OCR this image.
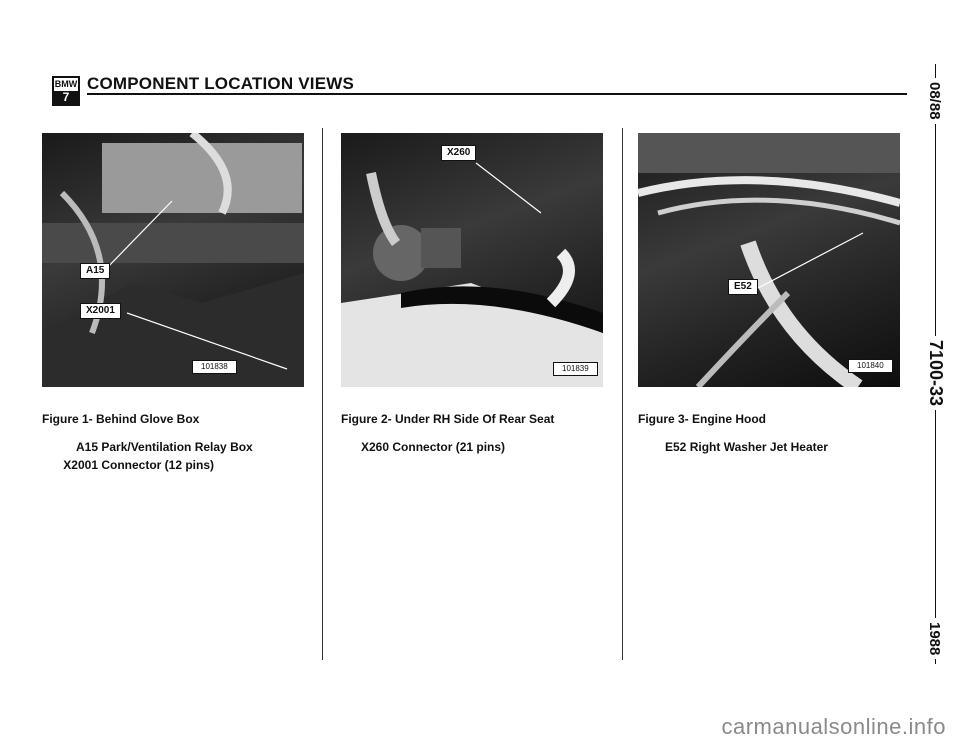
BMW
7
COMPONENT LOCATION VIEWS	08/88
7100-33
1988
A15
X2001
101838
X260
101839
E52
101840
Figure 1- Behind Glove Box
A15 Park/Ventilation Relay Box
X2001 Connector (12 pins)
Figure 2- Under RH Side Of Rear Seat
X260 Connector (21 pins)
Figure 3- Engine Hood
E52 Right Washer Jet Heater
carmanualsonline.info
